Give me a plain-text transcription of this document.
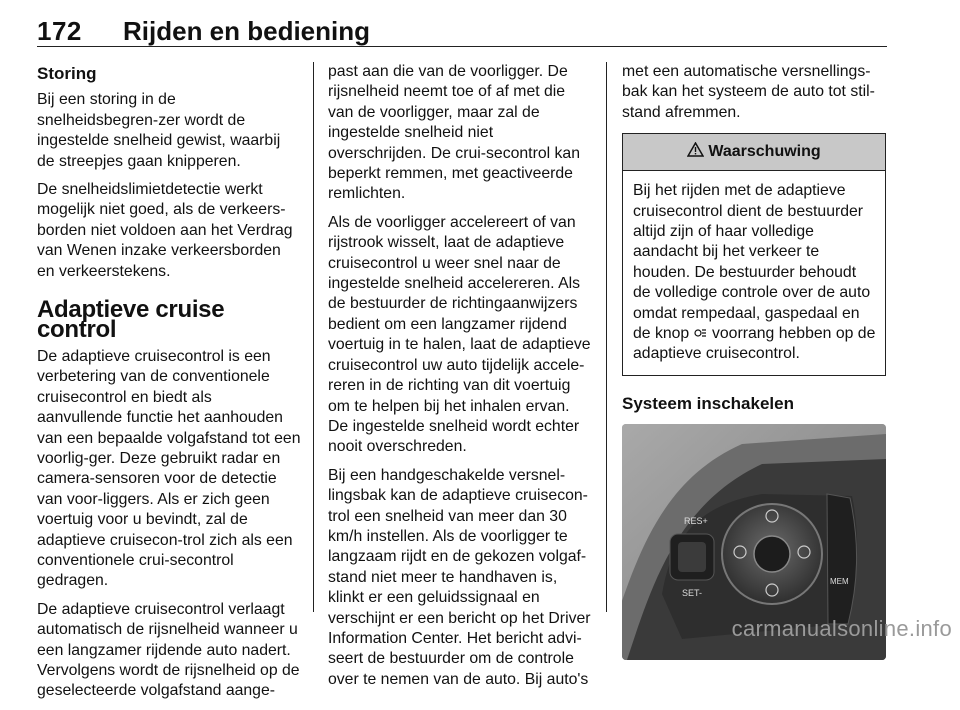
172 Rijden en bediening
Storing

Bij een storing in de snelheidsbegren-zer wordt de ingestelde snelheid gewist, waarbij de streepjes gaan knipperen.

De snelheidslimietdetectie werkt mogelijk niet goed, als de verkeers-borden niet voldoen aan het Verdrag van Wenen inzake verkeersborden en verkeerstekens.

Adaptieve cruise control

De adaptieve cruisecontrol is een verbetering van de conventionele cruisecontrol en biedt als aanvullende functie het aanhouden van een bepaalde volgafstand tot een voorlig-ger. Deze gebruikt radar en camera-sensoren voor de detectie van voor-liggers. Als er zich geen voertuig voor u bevindt, zal de adaptieve cruisecon-trol zich als een conventionele crui-secontrol gedragen.

De adaptieve cruisecontrol verlaagt automatisch de rijsnelheid wanneer u een langzamer rijdende auto nadert. Vervolgens wordt de rijsnelheid op de geselecteerde volgafstand aange-

past aan die van de voorligger. De rijsnelheid neemt toe of af met die van de voorligger, maar zal de ingestelde snelheid niet overschrijden. De crui-secontrol kan beperkt remmen, met geactiveerde remlichten.

Als de voorligger accelereert of van rijstrook wisselt, laat de adaptieve cruisecontrol u weer snel naar de ingestelde snelheid accelereren. Als de bestuurder de richtingaanwijzers bedient om een langzamer rijdend voertuig in te halen, laat de adaptieve cruisecontrol uw auto tijdelijk accele-reren in de richting van dit voertuig om te helpen bij het inhalen ervan. De ingestelde snelheid wordt echter nooit overschreden.

Bij een handgeschakelde versnel-lingsbak kan de adaptieve cruisecon-trol een snelheid van meer dan 30 km/h instellen. Als de voorligger te langzaam rijdt en de gekozen volgaf-stand niet meer te handhaven is, klinkt er een geluidssignaal en verschijnt er een bericht op het Driver Information Center. Het bericht advi-seert de bestuurder om de controle over te nemen van de auto. Bij auto's

met een automatische versnellings-bak kan het systeem de auto tot stil-stand afremmen.

Waarschuwing
Bij het rijden met de adaptieve cruisecontrol dient de bestuurder altijd zijn of haar volledige aandacht bij het verkeer te houden. De bestuurder behoudt de volledige controle over de auto omdat rempedaal, gaspedaal en de knop voorrang hebben op de adaptieve cruisecontrol.
Systeem inschakelen
RES+
SET-
MEM
carmanualsonline.info
